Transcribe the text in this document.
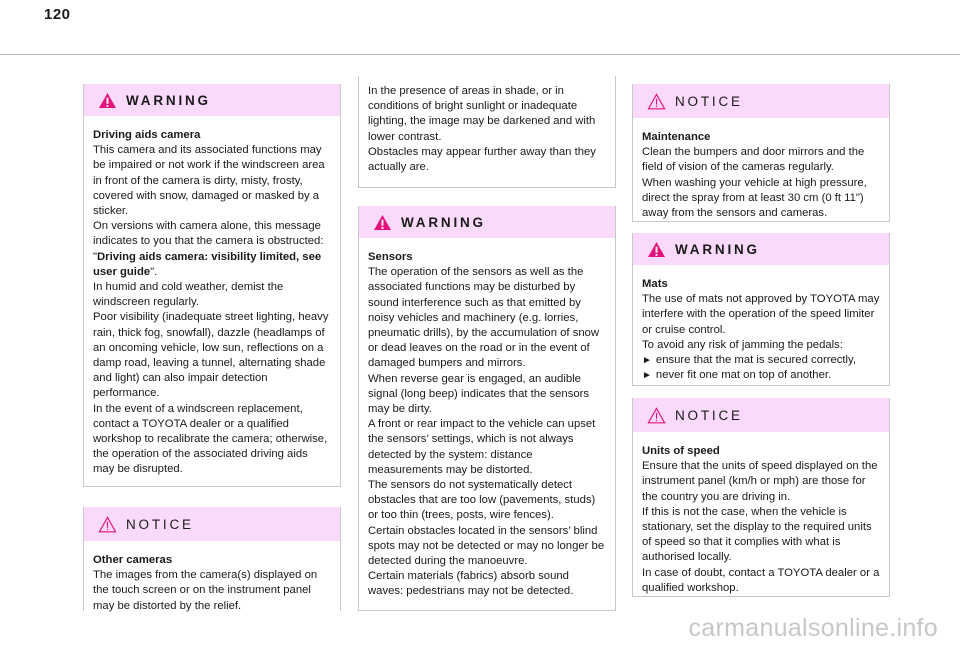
120
WARNING
Driving aids camera
This camera and its associated functions may be impaired or not work if the windscreen area in front of the camera is dirty, misty, frosty, covered with snow, damaged or masked by a sticker.
On versions with camera alone, this message indicates to you that the camera is obstructed: "Driving aids camera: visibility limited, see user guide".
In humid and cold weather, demist the windscreen regularly.
Poor visibility (inadequate street lighting, heavy rain, thick fog, snowfall), dazzle (headlamps of an oncoming vehicle, low sun, reflections on a damp road, leaving a tunnel, alternating shade and light) can also impair detection performance.
In the event of a windscreen replacement, contact a TOYOTA dealer or a qualified workshop to recalibrate the camera; otherwise, the operation of the associated driving aids may be disrupted.
NOTICE
Other cameras
The images from the camera(s) displayed on the touch screen or on the instrument panel may be distorted by the relief.
In the presence of areas in shade, or in conditions of bright sunlight or inadequate lighting, the image may be darkened and with lower contrast.
Obstacles may appear further away than they actually are.
WARNING
Sensors
The operation of the sensors as well as the associated functions may be disturbed by sound interference such as that emitted by noisy vehicles and machinery (e.g. lorries, pneumatic drills), by the accumulation of snow or dead leaves on the road or in the event of damaged bumpers and mirrors.
When reverse gear is engaged, an audible signal (long beep) indicates that the sensors may be dirty.
A front or rear impact to the vehicle can upset the sensors’ settings, which is not always detected by the system: distance measurements may be distorted.
The sensors do not systematically detect obstacles that are too low (pavements, studs) or too thin (trees, posts, wire fences).
Certain obstacles located in the sensors’ blind spots may not be detected or may no longer be detected during the manoeuvre.
Certain materials (fabrics) absorb sound waves: pedestrians may not be detected.
NOTICE
Maintenance
Clean the bumpers and door mirrors and the field of vision of the cameras regularly.
When washing your vehicle at high pressure, direct the spray from at least 30 cm (0 ft 11") away from the sensors and cameras.
WARNING
Mats
The use of mats not approved by TOYOTA may interfere with the operation of the speed limiter or cruise control.
To avoid any risk of jamming the pedals:
► ensure that the mat is secured correctly,
► never fit one mat on top of another.
NOTICE
Units of speed
Ensure that the units of speed displayed on the instrument panel (km/h or mph) are those for the country you are driving in.
If this is not the case, when the vehicle is stationary, set the display to the required units of speed so that it complies with what is authorised locally.
In case of doubt, contact a TOYOTA dealer or a qualified workshop.
carmanualsonline.info
